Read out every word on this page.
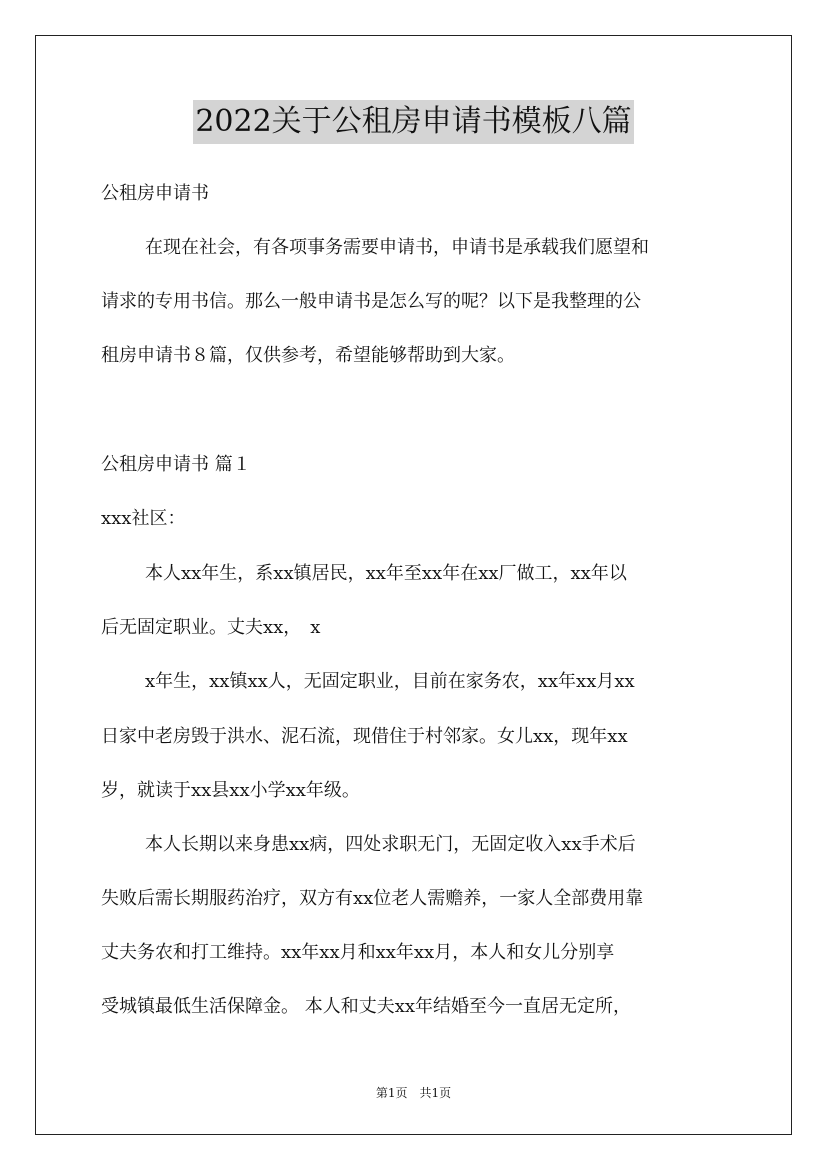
2022关于公租房申请书模板八篇
公租房申请书
在现在社会，有各项事务需要申请书，申请书是承载我们愿望和
请求的专用书信。那么一般申请书是怎么写的呢？以下是我整理的公
租房申请书８篇，仅供参考，希望能够帮助到大家。
公租房申请书 篇１
xxx社区：
本人xx年生，系xx镇居民，xx年至xx年在xx厂做工，xx年以
后无固定职业。丈夫xx，　x
x年生，xx镇xx人，无固定职业，目前在家务农，xx年xx月xx
日家中老房毁于洪水、泥石流，现借住于村邻家。女儿xx，现年xx
岁，就读于xx县xx小学xx年级。
本人长期以来身患xx病，四处求职无门，无固定收入xx手术后
失败后需长期服药治疗，双方有xx位老人需赡养，一家人全部费用靠
丈夫务农和打工维持。xx年xx月和xx年xx月，本人和女儿分别享
受城镇最低生活保障金。 本人和丈夫xx年结婚至今一直居无定所，
第1页　共1页
